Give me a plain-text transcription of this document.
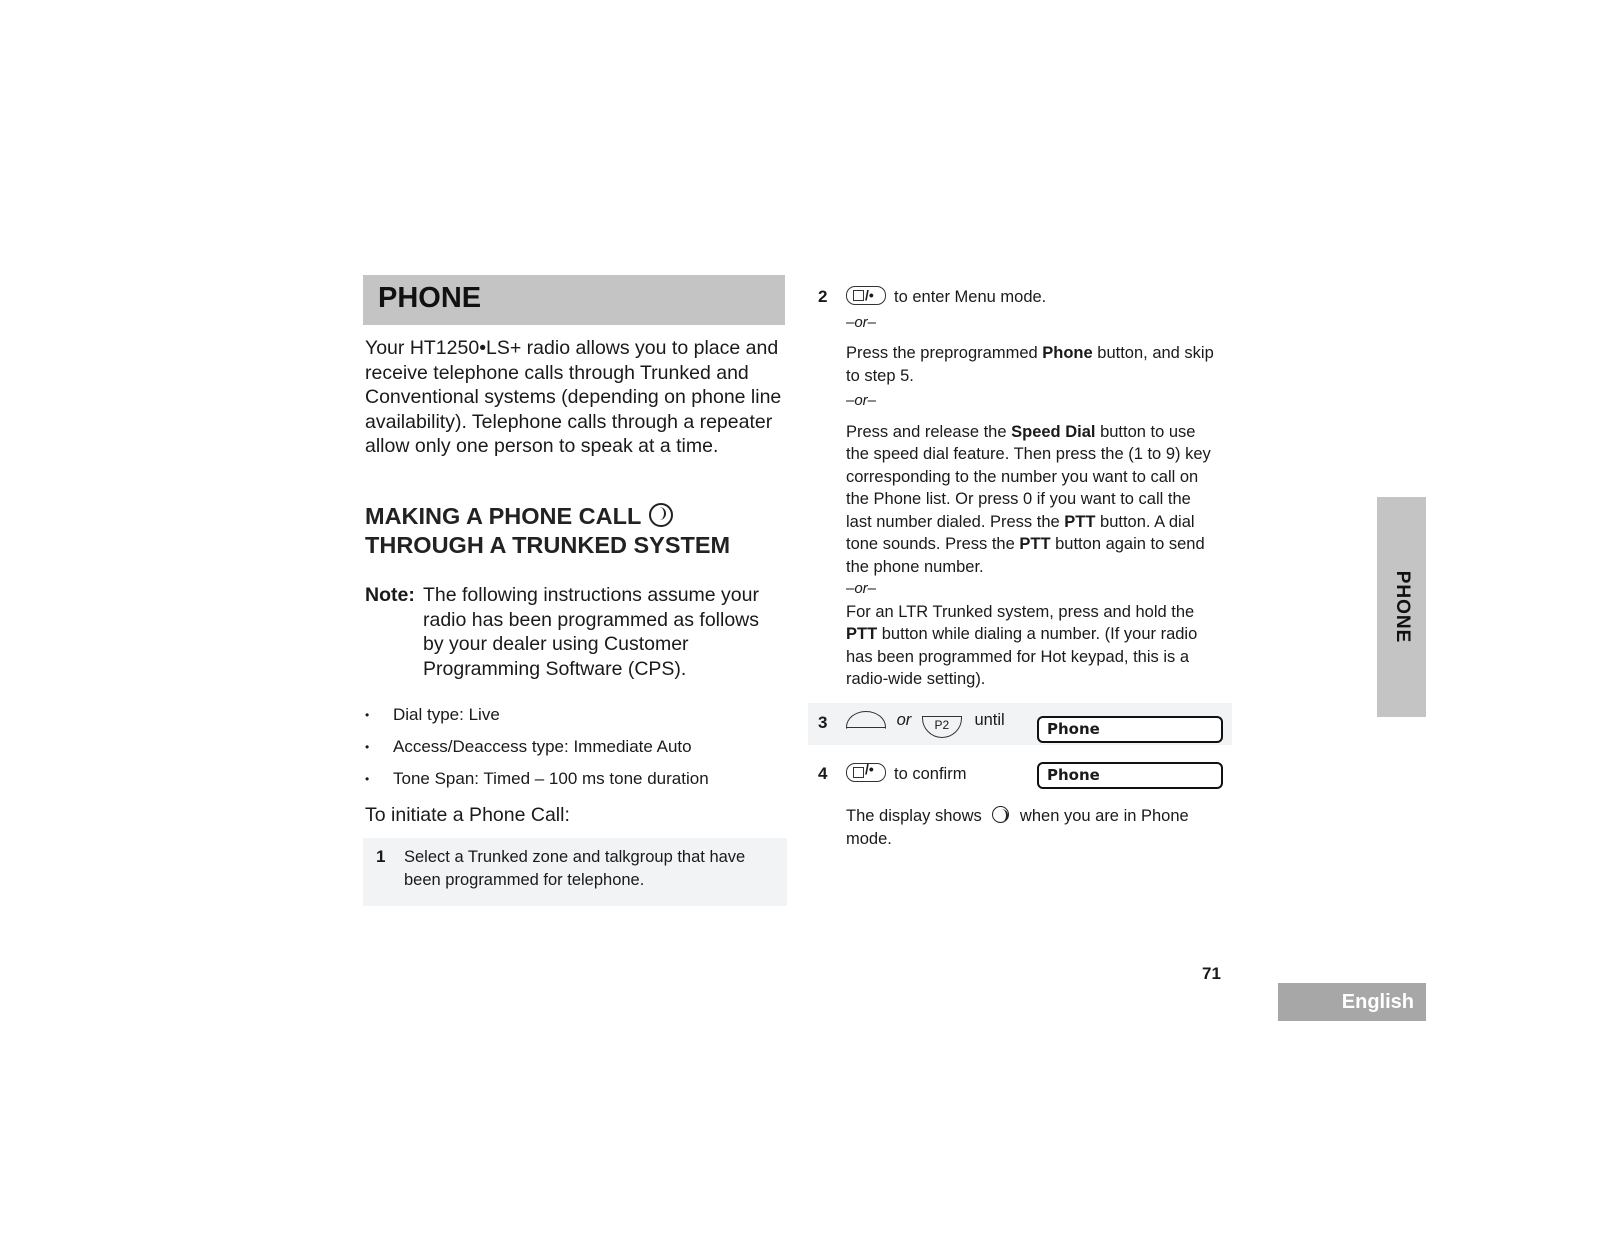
PHONE

Your HT1250•LS+ radio allows you to place and receive telephone calls through Trunked and Conventional systems (depending on phone line availability). Telephone calls through a repeater allow only one person to speak at a time.

MAKING A PHONE CALL
THROUGH A TRUNKED SYSTEM
Note: The following instructions assume your radio has been programmed as follows by your dealer using Customer Programming Software (CPS).
• Dial type: Live
• Access/Deaccess type: Immediate Auto
• Tone Span: Timed – 100 ms tone duration

To initiate a Phone Call:

1 Select a Trunked zone and talkgroup that have been programmed for telephone.
2 /•	to enter Menu mode.
–or–
Press the preprogrammed Phone button, and skip to step 5.
–or–
Press and release the Speed Dial button to use the speed dial feature. Then press the (1 to 9) key corresponding to the number you want to call on the Phone list. Or press 0 if you want to call the last number dialed. Press the PTT button. A dial tone sounds. Press the PTT button again to send the phone number.
–or–
For an LTR Trunked system, press and hold the PTT button while dialing a number. (If your radio has been programmed for Hot keypad, this is a radio-wide setting).
3	or P2 until	Phone
4 /•	to confirm	Phone
The display shows when you are in Phone mode.
PHONE
71
English
